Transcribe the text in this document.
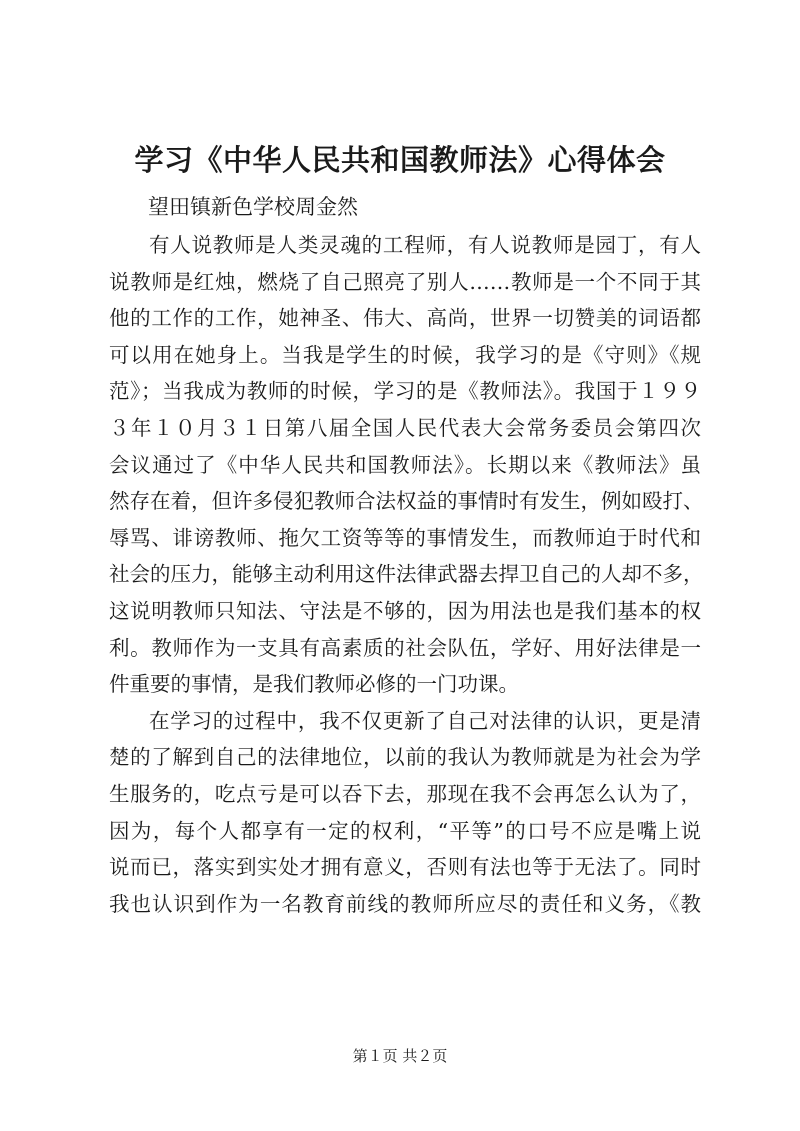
学习《中华人民共和国教师法》心得体会
望田镇新色学校周金然
有人说教师是人类灵魂的工程师，有人说教师是园丁，有人
说教师是红烛，燃烧了自己照亮了别人……教师是一个不同于其
他的工作的工作，她神圣、伟大、高尚，世界一切赞美的词语都
可以用在她身上。当我是学生的时候，我学习的是《守则》《规
范》；当我成为教师的时候，学习的是《教师法》。我国于１９９
３年１０月３１日第八届全国人民代表大会常务委员会第四次
会议通过了《中华人民共和国教师法》。长期以来《教师法》虽
然存在着，但许多侵犯教师合法权益的事情时有发生，例如殴打、
辱骂、诽谤教师、拖欠工资等等的事情发生，而教师迫于时代和
社会的压力，能够主动利用这件法律武器去捍卫自己的人却不多，
这说明教师只知法、守法是不够的，因为用法也是我们基本的权
利。教师作为一支具有高素质的社会队伍，学好、用好法律是一
件重要的事情，是我们教师必修的一门功课。
在学习的过程中，我不仅更新了自己对法律的认识，更是清
楚的了解到自己的法律地位，以前的我认为教师就是为社会为学
生服务的，吃点亏是可以吞下去，那现在我不会再怎么认为了，
因为，每个人都享有一定的权利，“平等”的口号不应是嘴上说
说而已，落实到实处才拥有意义，否则有法也等于无法了。同时
我也认识到作为一名教育前线的教师所应尽的责任和义务，《教
第１页 共２页
